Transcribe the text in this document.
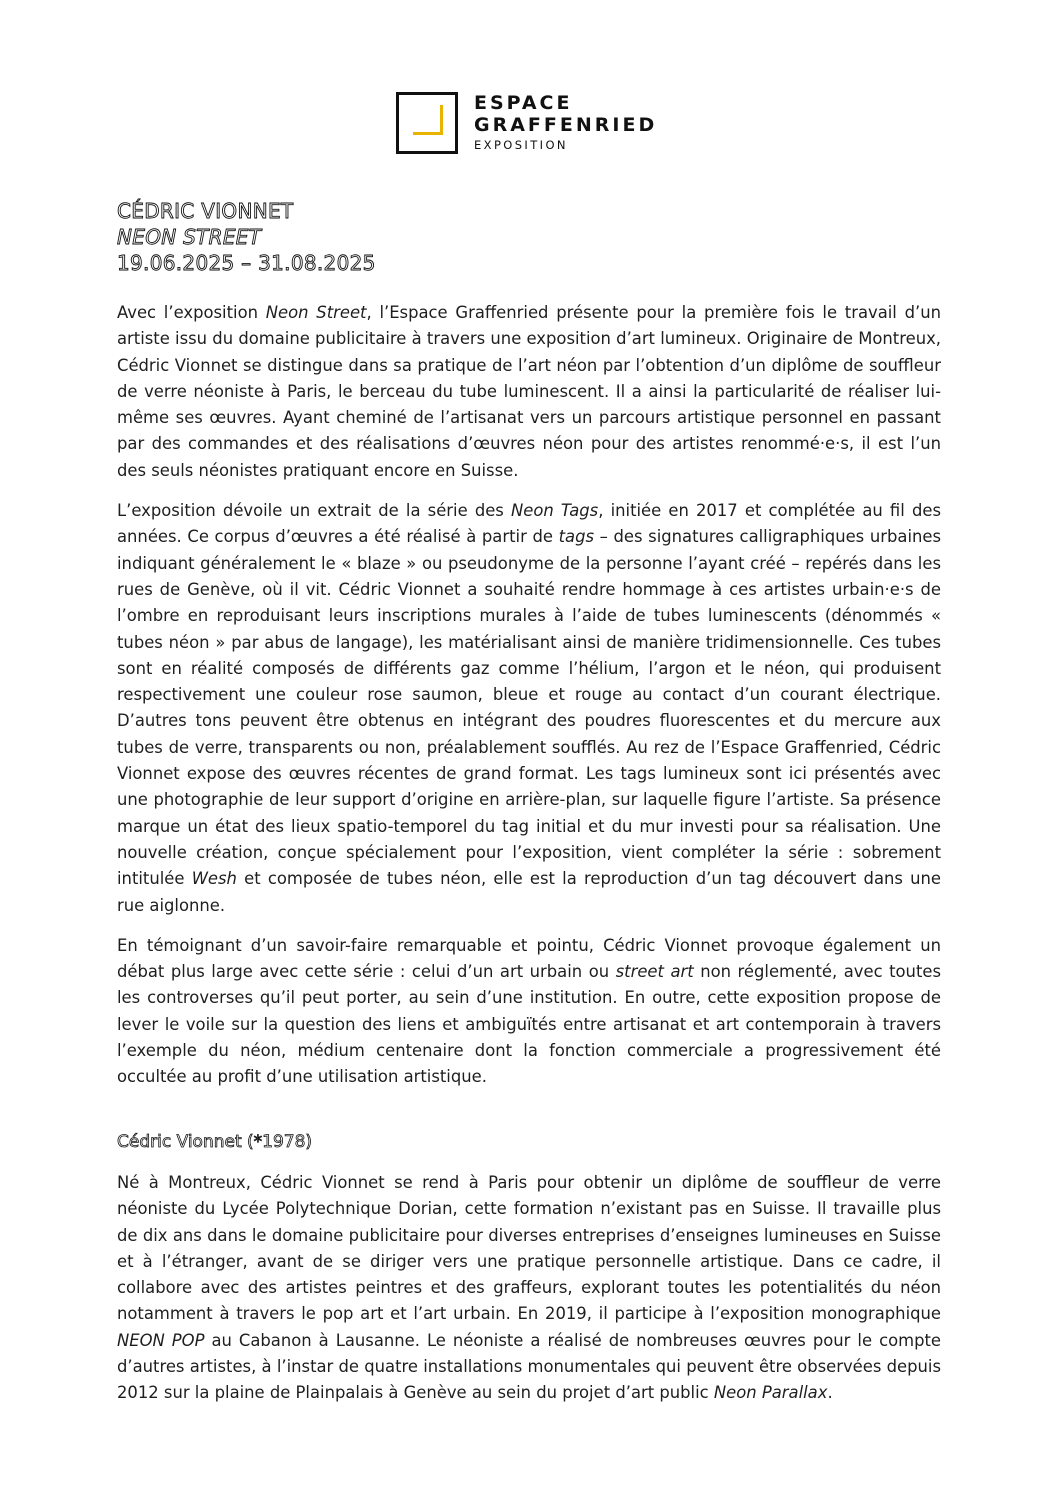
ESPACE
GRAFFENRIED
EXPOSITION
CÉDRIC VIONNET
NEON STREET
19.06.2025 – 31.08.2025

Avec l’exposition Neon Street, l’Espace Graffenried présente pour la première fois le travail d’un artiste issu du domaine publicitaire à travers une exposition d’art lumineux. Originaire de Montreux, Cédric Vionnet se distingue dans sa pratique de l’art néon par l’obtention d’un diplôme de souffleur de verre néoniste à Paris, le berceau du tube luminescent. Il a ainsi la particularité de réaliser lui-même ses œuvres. Ayant cheminé de l’artisanat vers un parcours artistique personnel en passant par des commandes et des réalisations d’œuvres néon pour des artistes renommé·e·s, il est l’un des seuls néonistes pratiquant encore en Suisse.

L’exposition dévoile un extrait de la série des Neon Tags, initiée en 2017 et complétée au fil des années. Ce corpus d’œuvres a été réalisé à partir de tags – des signatures calligraphiques urbaines indiquant généralement le « blaze » ou pseudonyme de la personne l’ayant créé – repérés dans les rues de Genève, où il vit. Cédric Vionnet a souhaité rendre hommage à ces artistes urbain·e·s de l’ombre en reproduisant leurs inscriptions murales à l’aide de tubes luminescents (dénommés « tubes néon » par abus de langage), les matérialisant ainsi de manière tridimensionnelle. Ces tubes sont en réalité composés de différents gaz comme l’hélium, l’argon et le néon, qui produisent respectivement une couleur rose saumon, bleue et rouge au contact d’un courant électrique. D’autres tons peuvent être obtenus en intégrant des poudres fluorescentes et du mercure aux tubes de verre, transparents ou non, préalablement soufflés. Au rez de l’Espace Graffenried, Cédric Vionnet expose des œuvres récentes de grand format. Les tags lumineux sont ici présentés avec une photographie de leur support d’origine en arrière-plan, sur laquelle figure l’artiste. Sa présence marque un état des lieux spatio-temporel du tag initial et du mur investi pour sa réalisation. Une nouvelle création, conçue spécialement pour l’exposition, vient compléter la série : sobrement intitulée Wesh et composée de tubes néon, elle est la reproduction d’un tag découvert dans une rue aiglonne.

En témoignant d’un savoir-faire remarquable et pointu, Cédric Vionnet provoque également un débat plus large avec cette série : celui d’un art urbain ou street art non réglementé, avec toutes les controverses qu’il peut porter, au sein d’une institution. En outre, cette exposition propose de lever le voile sur la question des liens et ambiguïtés entre artisanat et art contemporain à travers l’exemple du néon, médium centenaire dont la fonction commerciale a progressivement été occultée au profit d’une utilisation artistique.

Cédric Vionnet (*1978)

Né à Montreux, Cédric Vionnet se rend à Paris pour obtenir un diplôme de souffleur de verre néoniste du Lycée Polytechnique Dorian, cette formation n’existant pas en Suisse. Il travaille plus de dix ans dans le domaine publicitaire pour diverses entreprises d’enseignes lumineuses en Suisse et à l’étranger, avant de se diriger vers une pratique personnelle artistique. Dans ce cadre, il collabore avec des artistes peintres et des graffeurs, explorant toutes les potentialités du néon notamment à travers le pop art et l’art urbain. En 2019, il participe à l’exposition monographique NEON POP au Cabanon à Lausanne. Le néoniste a réalisé de nombreuses œuvres pour le compte d’autres artistes, à l’instar de quatre installations monumentales qui peuvent être observées depuis 2012 sur la plaine de Plainpalais à Genève au sein du projet d’art public Neon Parallax.
